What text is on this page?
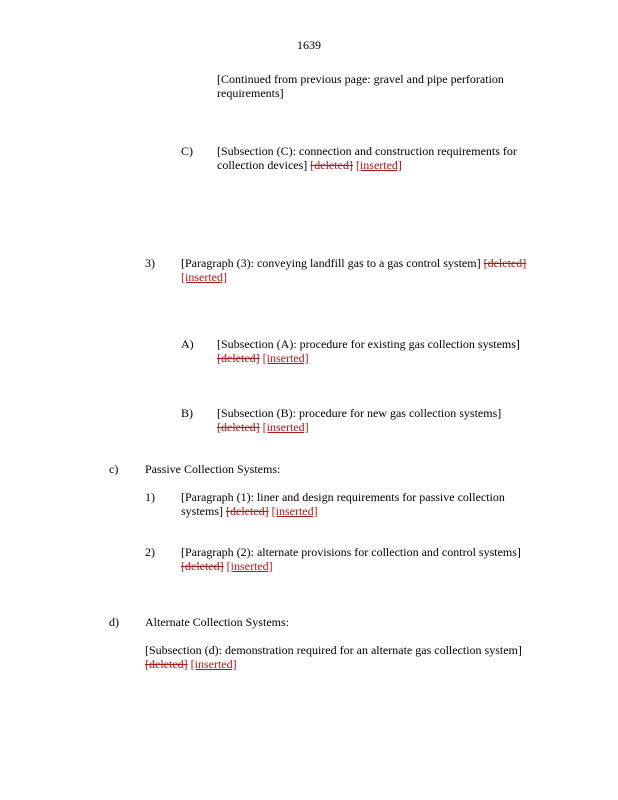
1639
[Continued from previous page: gravel and pipe perforation requirements]
C) [Subsection (C): connection and construction requirements for collection devices] [deleted] [inserted]
3) [Paragraph (3): conveying landfill gas to a gas control system] [deleted] [inserted]
A) [Subsection (A): procedure for existing gas collection systems] [deleted] [inserted]
B) [Subsection (B): procedure for new gas collection systems] [deleted] [inserted]
c) Passive Collection Systems:
1) [Paragraph (1): liner and design requirements for passive collection systems] [deleted] [inserted]
2) [Paragraph (2): alternate provisions for collection and control systems] [deleted] [inserted]
d) Alternate Collection Systems:
[Subsection (d): demonstration required for an alternate gas collection system] [deleted] [inserted]
